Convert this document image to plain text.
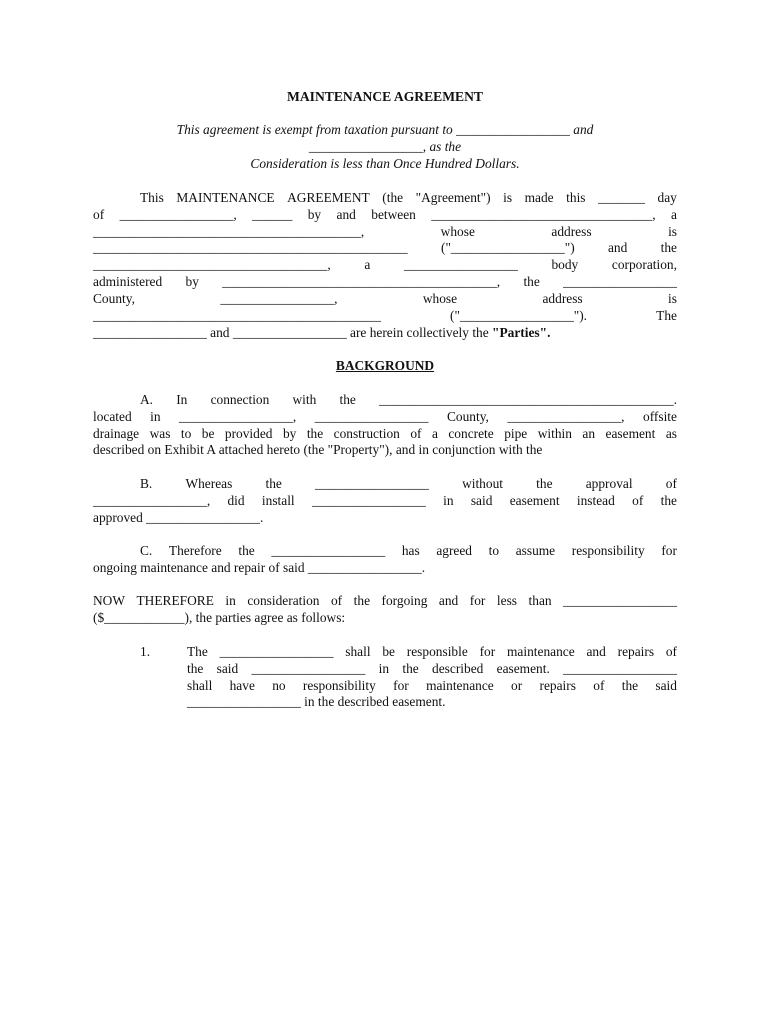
MAINTENANCE AGREEMENT
This agreement is exempt from taxation pursuant to _________________ and
_________________, as the
Consideration is less than Once Hundred Dollars.
This MAINTENANCE AGREEMENT (the "Agreement") is made this _______ day
of _________________, ______ by and between _________________________________, a
________________________________________,	whose	address	is
_______________________________________________ ("_________________") and the
___________________________________,	a	_________________	body	corporation,
administered by _________________________________________, the _________________
County,	_________________,	whose	address	is
___________________________________________	("_________________").	The
_________________ and _________________ are herein collectively the "Parties".
BACKGROUND
A. In connection with the ____________________________________________.
located in _________________, _________________ County, _________________, offsite
drainage was to be provided by the construction of a concrete pipe within an easement as
described on Exhibit A attached hereto (the "Property"), and in conjunction with the
B. Whereas the _________________ without the approval of
_________________, did install _________________ in said easement instead of the
approved _________________.
C. Therefore the _________________ has agreed to assume responsibility for
ongoing maintenance and repair of said _________________.
NOW THEREFORE in consideration of the forgoing and for less than _________________
($____________), the parties agree as follows:
1.	The _________________ shall be responsible for maintenance and repairs of
the said _________________ in the described easement. _________________
shall have no responsibility for maintenance or repairs of the said
_________________ in the described easement.
